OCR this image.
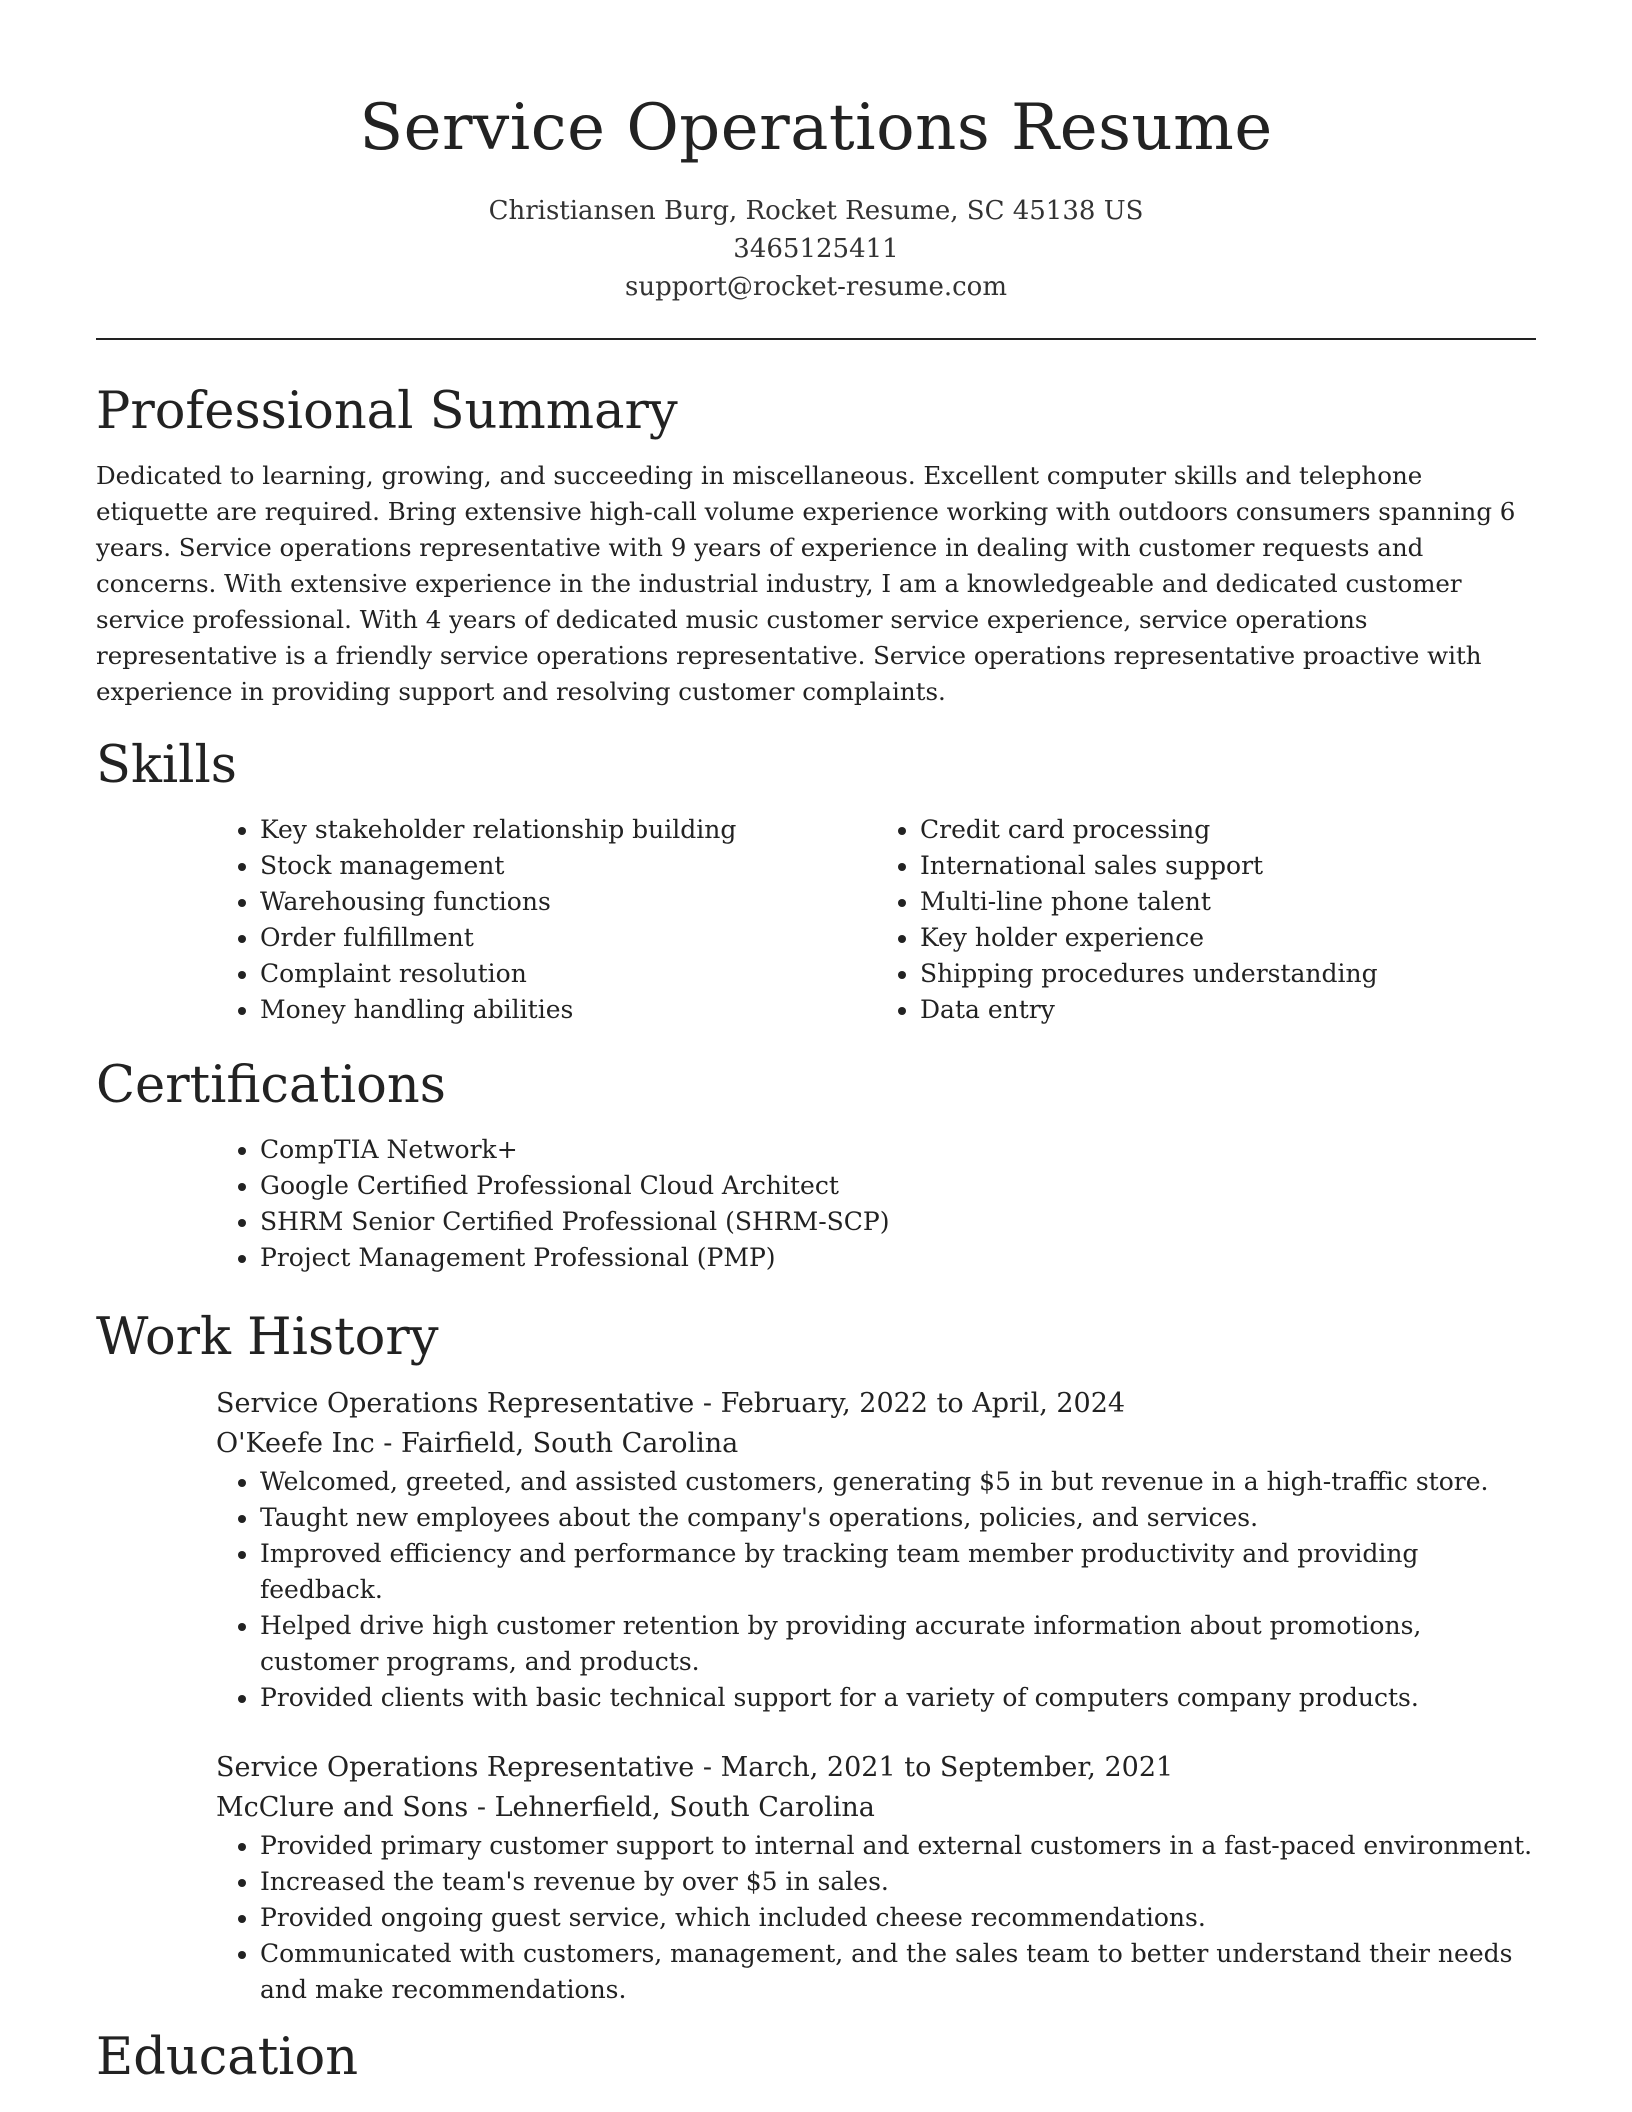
Service Operations Resume
Christiansen Burg, Rocket Resume, SC 45138 US
3465125411
support@rocket-resume.com
Professional Summary

Dedicated to learning, growing, and succeeding in miscellaneous. Excellent computer skills and telephone etiquette are required. Bring extensive high-call volume experience working with outdoors consumers spanning 6 years. Service operations representative with 9 years of experience in dealing with customer requests and concerns. With extensive experience in the industrial industry, I am a knowledgeable and dedicated customer service professional. With 4 years of dedicated music customer service experience, service operations representative is a friendly service operations representative. Service operations representative proactive with experience in providing support and resolving customer complaints.

Skills
• Key stakeholder relationship building
• Stock management
• Warehousing functions
• Order fulfillment
• Complaint resolution
• Money handling abilities
• Credit card processing
• International sales support
• Multi-line phone talent
• Key holder experience
• Shipping procedures understanding
• Data entry
Certifications
• CompTIA Network+
• Google Certified Professional Cloud Architect
• SHRM Senior Certified Professional (SHRM-SCP)
• Project Management Professional (PMP)
Work History
Service Operations Representative - February, 2022 to April, 2024
O'Keefe Inc - Fairfield, South Carolina
• Welcomed, greeted, and assisted customers, generating $5 in but revenue in a high-traffic store.
• Taught new employees about the company's operations, policies, and services.
• Improved efficiency and performance by tracking team member productivity and providing feedback.
• Helped drive high customer retention by providing accurate information about promotions, customer programs, and products.
• Provided clients with basic technical support for a variety of computers company products.
Service Operations Representative - March, 2021 to September, 2021
McClure and Sons - Lehnerfield, South Carolina
• Provided primary customer support to internal and external customers in a fast-paced environment.
• Increased the team's revenue by over $5 in sales.
• Provided ongoing guest service, which included cheese recommendations.
• Communicated with customers, management, and the sales team to better understand their needs and make recommendations.
Education
